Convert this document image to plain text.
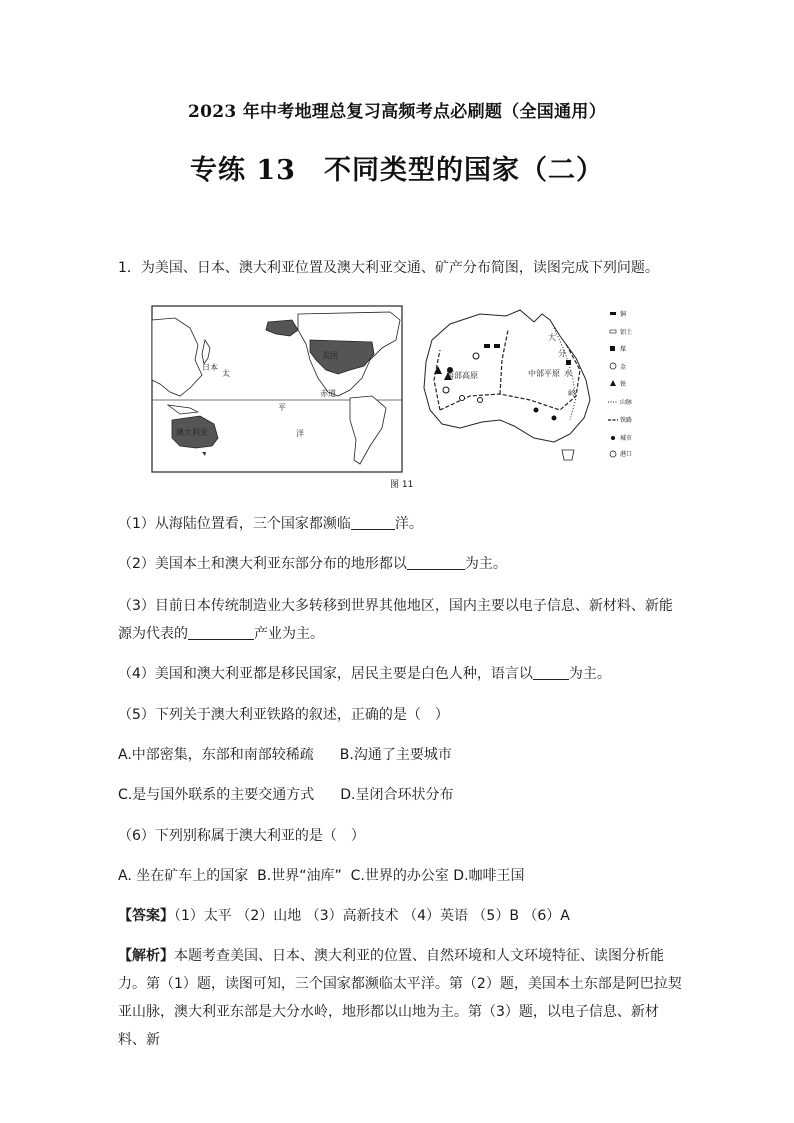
2023 年中考地理总复习高频考点必刷题（全国通用）
专练 13　不同类型的国家（二）
1．为美国、日本、澳大利亚位置及澳大利亚交通、矿产分布简图，读图完成下列问题。
日本
美国
澳大利亚
太
平
洋
赤道
西部高原	中部平原
大
分
水
岭
铜
铝土
煤
金
铁
山脉
铁路
城市
港口
图 11
（1）从海陆位置看，三个国家都濒临	洋。
（2）美国本土和澳大利亚东部分布的地形都以	为主。
（3）目前日本传统制造业大多转移到世界其他地区，国内主要以电子信息、新材料、新能
源为代表的	产业为主。
（4）美国和澳大利亚都是移民国家，居民主要是白色人种，语言以	为主。
（5）下列关于澳大利亚铁路的叙述，正确的是（　）
A.中部密集，东部和南部较稀疏 B.沟通了主要城市
C.是与国外联系的主要交通方式 D.呈闭合环状分布
（6）下列别称属于澳大利亚的是（　）
A. 坐在矿车上的国家 B.世界“油库” C.世界的办公室 D.咖啡王国
【答案】（1）太平 （2）山地 （3）高新技术 （4）英语 （5）B （6）A
【解析】本题考查美国、日本、澳大利亚的位置、自然环境和人文环境特征、读图分析能力。第（1）题，读图可知，三个国家都濒临太平洋。第（2）题，美国本土东部是阿巴拉契亚山脉，澳大利亚东部是大分水岭，地形都以山地为主。第（3）题，以电子信息、新材料、新
